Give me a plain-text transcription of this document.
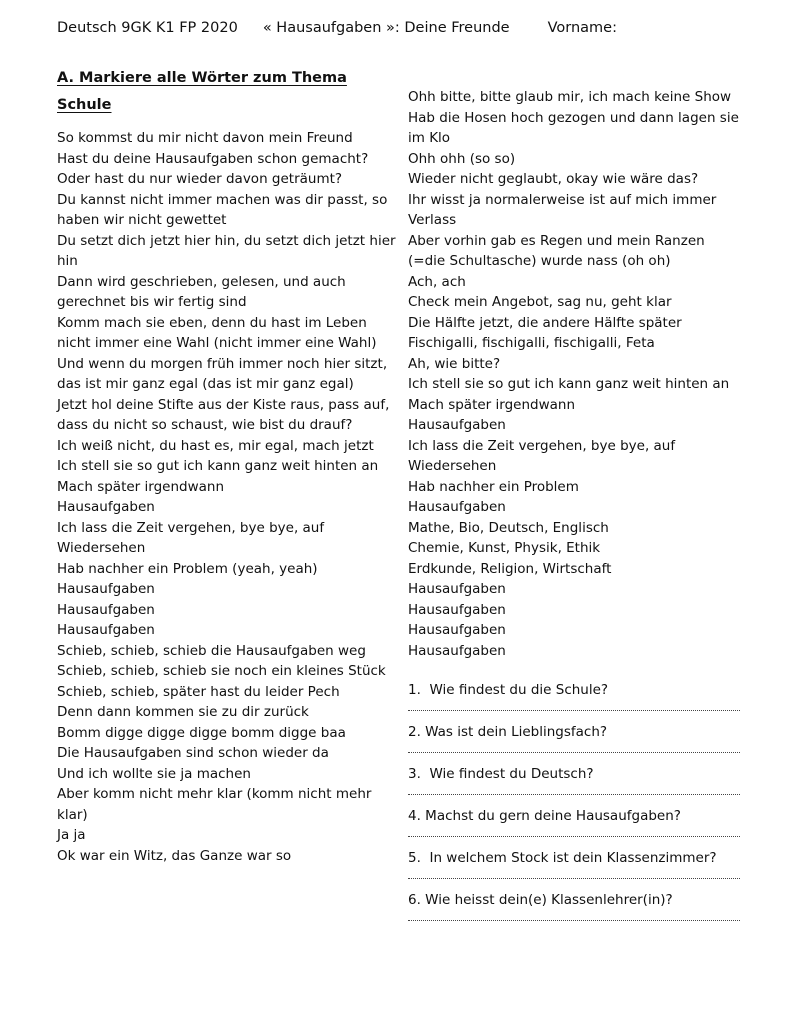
Deutsch 9GK K1 FP 2020 « Hausaufgaben »: Deine Freunde	Vorname:
A. Markiere alle Wörter zum Thema
Schule
So kommst du mir nicht davon mein Freund
Hast du deine Hausaufgaben schon gemacht?
Oder hast du nur wieder davon geträumt?
Du kannst nicht immer machen was dir passt, so haben wir nicht gewettet
Du setzt dich jetzt hier hin, du setzt dich jetzt hier hin
Dann wird geschrieben, gelesen, und auch gerechnet bis wir fertig sind
Komm mach sie eben, denn du hast im Leben nicht immer eine Wahl (nicht immer eine Wahl)
Und wenn du morgen früh immer noch hier sitzt, das ist mir ganz egal (das ist mir ganz egal)
Jetzt hol deine Stifte aus der Kiste raus, pass auf, dass du nicht so schaust, wie bist du drauf?
Ich weiß nicht, du hast es, mir egal, mach jetzt
Ich stell sie so gut ich kann ganz weit hinten an
Mach später irgendwann
Hausaufgaben
Ich lass die Zeit vergehen, bye bye, auf Wiedersehen
Hab nachher ein Problem (yeah, yeah)
Hausaufgaben
Hausaufgaben
Hausaufgaben
Schieb, schieb, schieb die Hausaufgaben weg
Schieb, schieb, schieb sie noch ein kleines Stück
Schieb, schieb, später hast du leider Pech
Denn dann kommen sie zu dir zurück
Bomm digge digge digge bomm digge baa
Die Hausaufgaben sind schon wieder da
Und ich wollte sie ja machen
Aber komm nicht mehr klar (komm nicht mehr klar)
Ja ja
Ok war ein Witz, das Ganze war so
Ohh bitte, bitte glaub mir, ich mach keine Show
Hab die Hosen hoch gezogen und dann lagen sie im Klo
Ohh ohh (so so)
Wieder nicht geglaubt, okay wie wäre das?
Ihr wisst ja normalerweise ist auf mich immer Verlass
Aber vorhin gab es Regen und mein Ranzen (=die Schultasche) wurde nass (oh oh)
Ach, ach
Check mein Angebot, sag nu, geht klar
Die Hälfte jetzt, die andere Hälfte später
Fischigalli, fischigalli, fischigalli, Feta
Ah, wie bitte?
Ich stell sie so gut ich kann ganz weit hinten an
Mach später irgendwann
Hausaufgaben
Ich lass die Zeit vergehen, bye bye, auf Wiedersehen
Hab nachher ein Problem
Hausaufgaben
Mathe, Bio, Deutsch, Englisch
Chemie, Kunst, Physik, Ethik
Erdkunde, Religion, Wirtschaft
Hausaufgaben
Hausaufgaben
Hausaufgaben
Hausaufgaben
1.  Wie findest du die Schule?
2. Was ist dein Lieblingsfach?
3.  Wie findest du Deutsch?
4. Machst du gern deine Hausaufgaben?
5.  In welchem Stock ist dein Klassenzimmer?
6. Wie heisst dein(e) Klassenlehrer(in)?
